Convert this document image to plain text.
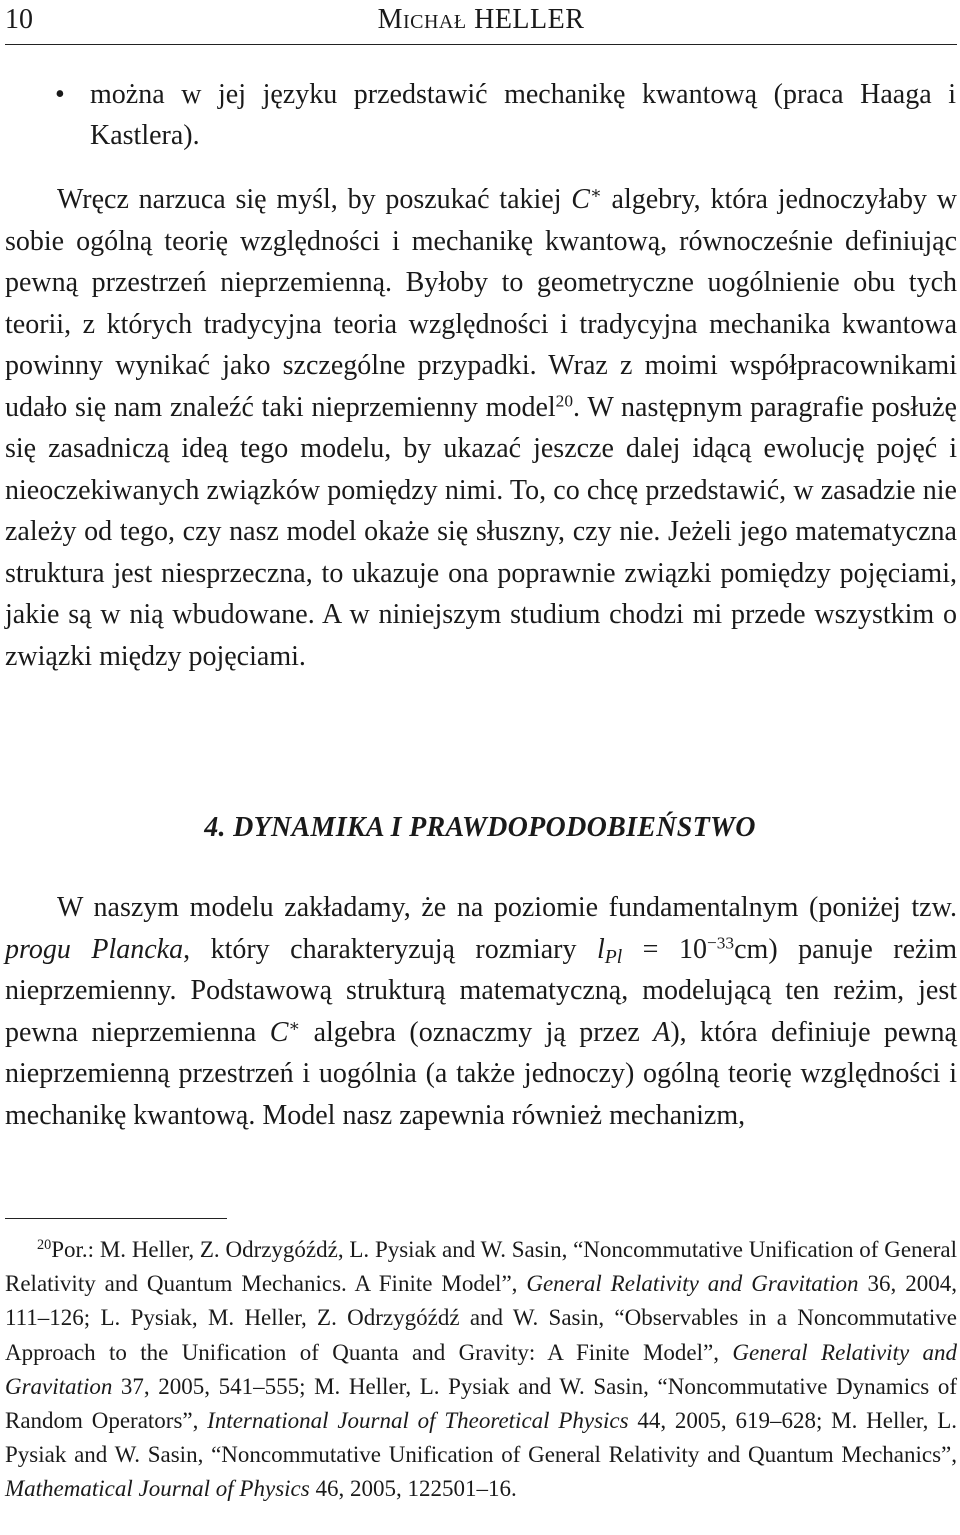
10	Michał HELLER
• można w jej języku przedstawić mechanikę kwantową (praca Haaga i Kastlera).
Wręcz narzuca się myśl, by poszukać takiej C∗ algebry, która jednoczyłaby w sobie ogólną teorię względności i mechanikę kwantową, równocześnie definiując pewną przestrzeń nieprzemienną. Byłoby to geometryczne uogólnienie obu tych teorii, z których tradycyjna teoria względności i tradycyjna mechanika kwantowa powinny wynikać jako szczególne przypadki. Wraz z moimi współpracownikami udało się nam znaleźć taki nieprzemienny model$^{20}$. W następnym paragrafie posłużę się zasadniczą ideą tego modelu, by ukazać jeszcze dalej idącą ewolucję pojęć i nieoczekiwanych związków pomiędzy nimi. To, co chcę przedstawić, w zasadzie nie zależy od tego, czy nasz model okaże się słuszny, czy nie. Jeżeli jego matematyczna struktura jest niesprzeczna, to ukazuje ona poprawnie związki pomiędzy pojęciami, jakie są w nią wbudowane. A w niniejszym studium chodzi mi przede wszystkim o związki między pojęciami.
4. DYNAMIKA I PRAWDOPODOBIEŃSTWO
W naszym modelu zakładamy, że na poziomie fundamentalnym (poniżej tzw. progu Plancka, który charakteryzują rozmiary $l_{Pl} = 10^{-33}cm$) panuje reżim nieprzemienny. Podstawową strukturą matematyczną, modelującą ten reżim, jest pewna nieprzemienna C∗ algebra (oznaczmy ją przez A), która definiuje pewną nieprzemienną przestrzeń i uogólnia (a także jednoczy) ogólną teorię względności i mechanikę kwantową. Model nasz zapewnia również mechanizm,
$^{20}$Por.: M. Heller, Z. Odrzygóźdź, L. Pysiak and W. Sasin, “Noncommutative Unification of General Relativity and Quantum Mechanics. A Finite Model”, General Relativity and Gravitation 36, 2004, 111–126; L. Pysiak, M. Heller, Z. Odrzygóźdź and W. Sasin, “Observables in a Noncommutative Approach to the Unification of Quanta and Gravity: A Finite Model”, General Relativity and Gravitation 37, 2005, 541–555; M. Heller, L. Pysiak and W. Sasin, “Noncommutative Dynamics of Random Operators”, International Journal of Theoretical Physics 44, 2005, 619–628; M. Heller, L. Pysiak and W. Sasin, “Noncommutative Unification of General Relativity and Quantum Mechanics”, Mathematical Journal of Physics 46, 2005, 122501–16.
